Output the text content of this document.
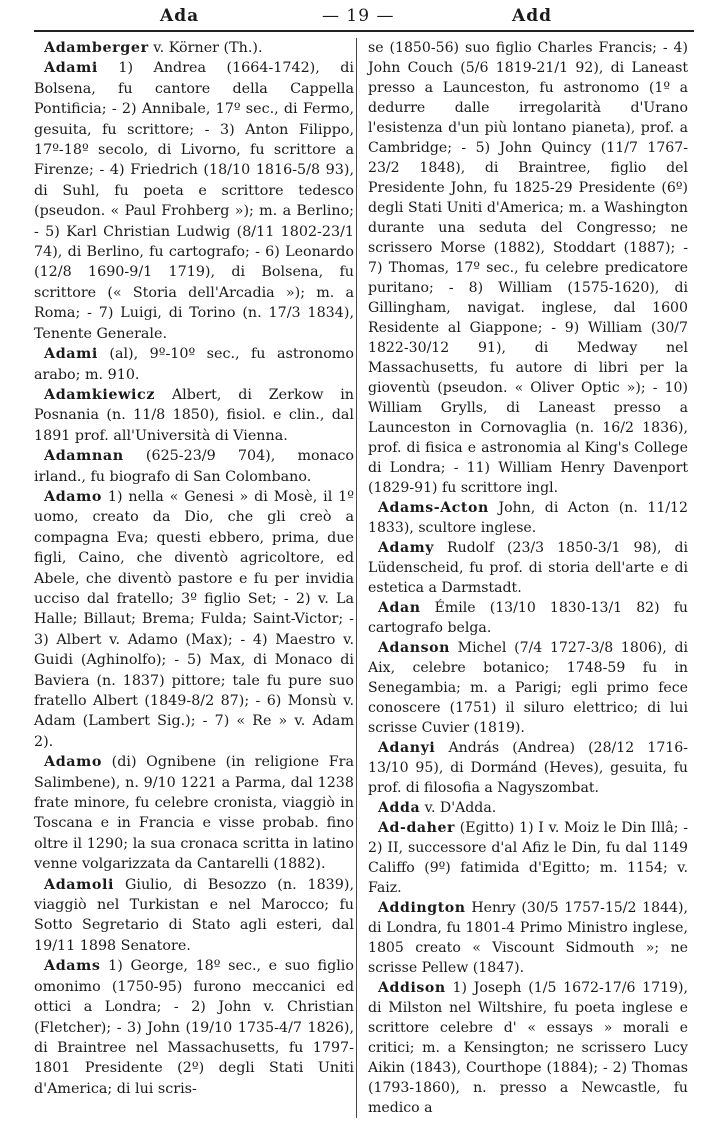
Ada	— 19 —	Add

Adamberger v. Körner (Th.).

Adami 1) Andrea (1664-1742), di Bolsena, fu cantore della Cappella Pontificia; - 2) Annibale, 17º sec., di Fermo, gesuita, fu scrittore; - 3) Anton Filippo, 17º-18º secolo, di Livorno, fu scrittore a Firenze; - 4) Friedrich (18/10 1816-5/8 93), di Suhl, fu poeta e scrittore tedesco (pseudon. « Paul Frohberg »); m. a Berlino; - 5) Karl Christian Ludwig (8/11 1802-23/1 74), di Berlino, fu cartografo; - 6) Leonardo (12/8 1690-9/1 1719), di Bolsena, fu scrittore (« Storia dell'Arcadia »); m. a Roma; - 7) Luigi, di Torino (n. 17/3 1834), Tenente Generale.

Adami (al), 9º-10º sec., fu astronomo arabo; m. 910.

Adamkiewicz Albert, di Zerkow in Posnania (n. 11/8 1850), fisiol. e clin., dal 1891 prof. all'Università di Vienna.

Adamnan (625-23/9 704), monaco irland., fu biografo di San Colombano.

Adamo 1) nella « Genesi » di Mosè, il 1º uomo, creato da Dio, che gli creò a compagna Eva; questi ebbero, prima, due figli, Caino, che diventò agricoltore, ed Abele, che diventò pastore e fu per invidia ucciso dal fratello; 3º figlio Set; - 2) v. La Halle; Billaut; Brema; Fulda; Saint-Victor; - 3) Albert v. Adamo (Max); - 4) Maestro v. Guidi (Aghinolfo); - 5) Max, di Monaco di Baviera (n. 1837) pittore; tale fu pure suo fratello Albert (1849-8/2 87); - 6) Monsù v. Adam (Lambert Sig.); - 7) « Re » v. Adam 2).

Adamo (di) Ognibene (in religione Fra Salimbene), n. 9/10 1221 a Parma, dal 1238 frate minore, fu celebre cronista, viaggiò in Toscana e in Francia e visse probab. fino oltre il 1290; la sua cronaca scritta in latino venne volgarizzata da Cantarelli (1882).

Adamoli Giulio, di Besozzo (n. 1839), viaggiò nel Turkistan e nel Marocco; fu Sotto Segretario di Stato agli esteri, dal 19/11 1898 Senatore.

Adams 1) George, 18º sec., e suo figlio omonimo (1750-95) furono meccanici ed ottici a Londra; - 2) John v. Christian (Fletcher); - 3) John (19/10 1735-4/7 1826), di Braintree nel Massachusetts, fu 1797-1801 Presidente (2º) degli Stati Uniti d'America; di lui scris-

se (1850-56) suo figlio Charles Francis; - 4) John Couch (5/6 1819-21/1 92), di Laneast presso a Launceston, fu astronomo (1º a dedurre dalle irregolarità d'Urano l'esistenza d'un più lontano pianeta), prof. a Cambridge; - 5) John Quincy (11/7 1767-23/2 1848), di Braintree, figlio del Presidente John, fu 1825-29 Presidente (6º) degli Stati Uniti d'America; m. a Washington durante una seduta del Congresso; ne scrissero Morse (1882), Stoddart (1887); - 7) Thomas, 17º sec., fu celebre predicatore puritano; - 8) William (1575-1620), di Gillingham, navigat. inglese, dal 1600 Residente al Giappone; - 9) William (30/7 1822-30/12 91), di Medway nel Massachusetts, fu autore di libri per la gioventù (pseudon. « Oliver Optic »); - 10) William Grylls, di Laneast presso a Launceston in Cornovaglia (n. 16/2 1836), prof. di fisica e astronomia al King's College di Londra; - 11) William Henry Davenport (1829-91) fu scrittore ingl.

Adams-Acton John, di Acton (n. 11/12 1833), scultore inglese.

Adamy Rudolf (23/3 1850-3/1 98), di Lüdenscheid, fu prof. di storia dell'arte e di estetica a Darmstadt.

Adan Émile (13/10 1830-13/1 82) fu cartografo belga.

Adanson Michel (7/4 1727-3/8 1806), di Aix, celebre botanico; 1748-59 fu in Senegambia; m. a Parigi; egli primo fece conoscere (1751) il siluro elettrico; di lui scrisse Cuvier (1819).

Adanyi András (Andrea) (28/12 1716-13/10 95), di Dormánd (Heves), gesuita, fu prof. di filosofia a Nagyszombat.

Adda v. D'Adda.

Ad-daher (Egitto) 1) I v. Moiz le Din Illâ; - 2) II, successore d'al Afiz le Din, fu dal 1149 Califfo (9º) fatimida d'Egitto; m. 1154; v. Faiz.

Addington Henry (30/5 1757-15/2 1844), di Londra, fu 1801-4 Primo Ministro inglese, 1805 creato « Viscount Sidmouth »; ne scrisse Pellew (1847).

Addison 1) Joseph (1/5 1672-17/6 1719), di Milston nel Wiltshire, fu poeta inglese e scrittore celebre d' « essays » morali e critici; m. a Kensington; ne scrissero Lucy Aikin (1843), Courthope (1884); - 2) Thomas (1793-1860), n. presso a Newcastle, fu medico a
